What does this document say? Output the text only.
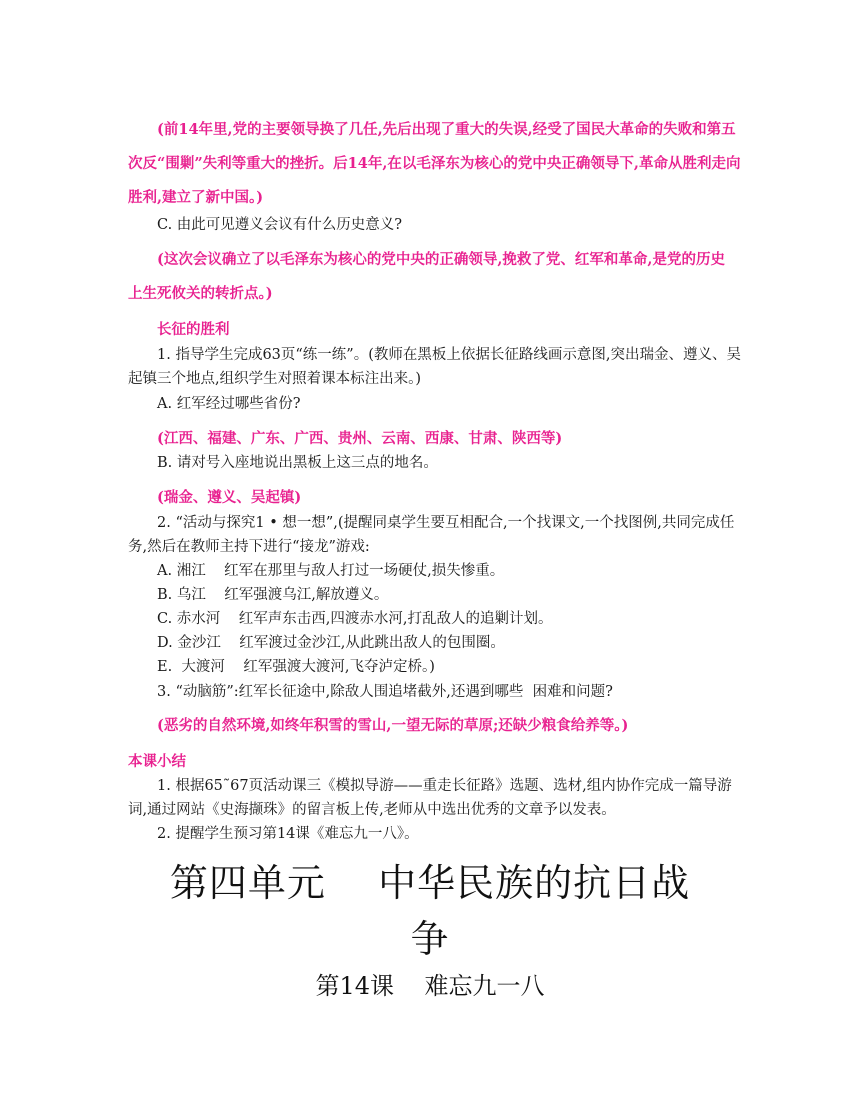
(前14年里,党的主要领导换了几任,先后出现了重大的失误,经受了国民大革命的失败和第五
次反“围剿”失利等重大的挫折。后14年,在以毛泽东为核心的党中央正确领导下,革命从胜利走向
胜利,建立了新中国。)
C. 由此可见遵义会议有什么历史意义?
(这次会议确立了以毛泽东为核心的党中央的正确领导,挽救了党、红军和革命,是党的历史
上生死攸关的转折点。)
长征的胜利
1. 指导学生完成63页“练一练”。(教师在黑板上依据长征路线画示意图,突出瑞金、遵义、吴
起镇三个地点,组织学生对照着课本标注出来。)
A. 红军经过哪些省份?
(江西、福建、广东、广西、贵州、云南、西康、甘肃、陕西等)
B. 请对号入座地说出黑板上这三点的地名。
(瑞金、遵义、吴起镇)
2. “活动与探究1 • 想一想”,(提醒同桌学生要互相配合,一个找课文,一个找图例,共同完成任
务,然后在教师主持下进行“接龙”游戏:
A. 湘江    红军在那里与敌人打过一场硬仗,损失惨重。
B. 乌江    红军强渡乌江,解放遵义。
C. 赤水河    红军声东击西,四渡赤水河,打乱敌人的追剿计划。
D. 金沙江    红军渡过金沙江,从此跳出敌人的包围圈。
E.  大渡河    红军强渡大渡河,飞夺泸定桥。)
3. “动脑筋”:红军长征途中,除敌人围追堵截外,还遇到哪些  困难和问题?
(恶劣的自然环境,如终年积雪的雪山,一望无际的草原;还缺少粮食给养等。)
本课小结
1. 根据65˜67页活动课三《模拟导游——重走长征路》选题、选材,组内协作完成一篇导游
词,通过网站《史海撷珠》的留言板上传,老师从中选出优秀的文章予以发表。
2. 提醒学生预习第14课《难忘九一八》。
第四单元    中华民族的抗日战
争
第14课    难忘九一八
